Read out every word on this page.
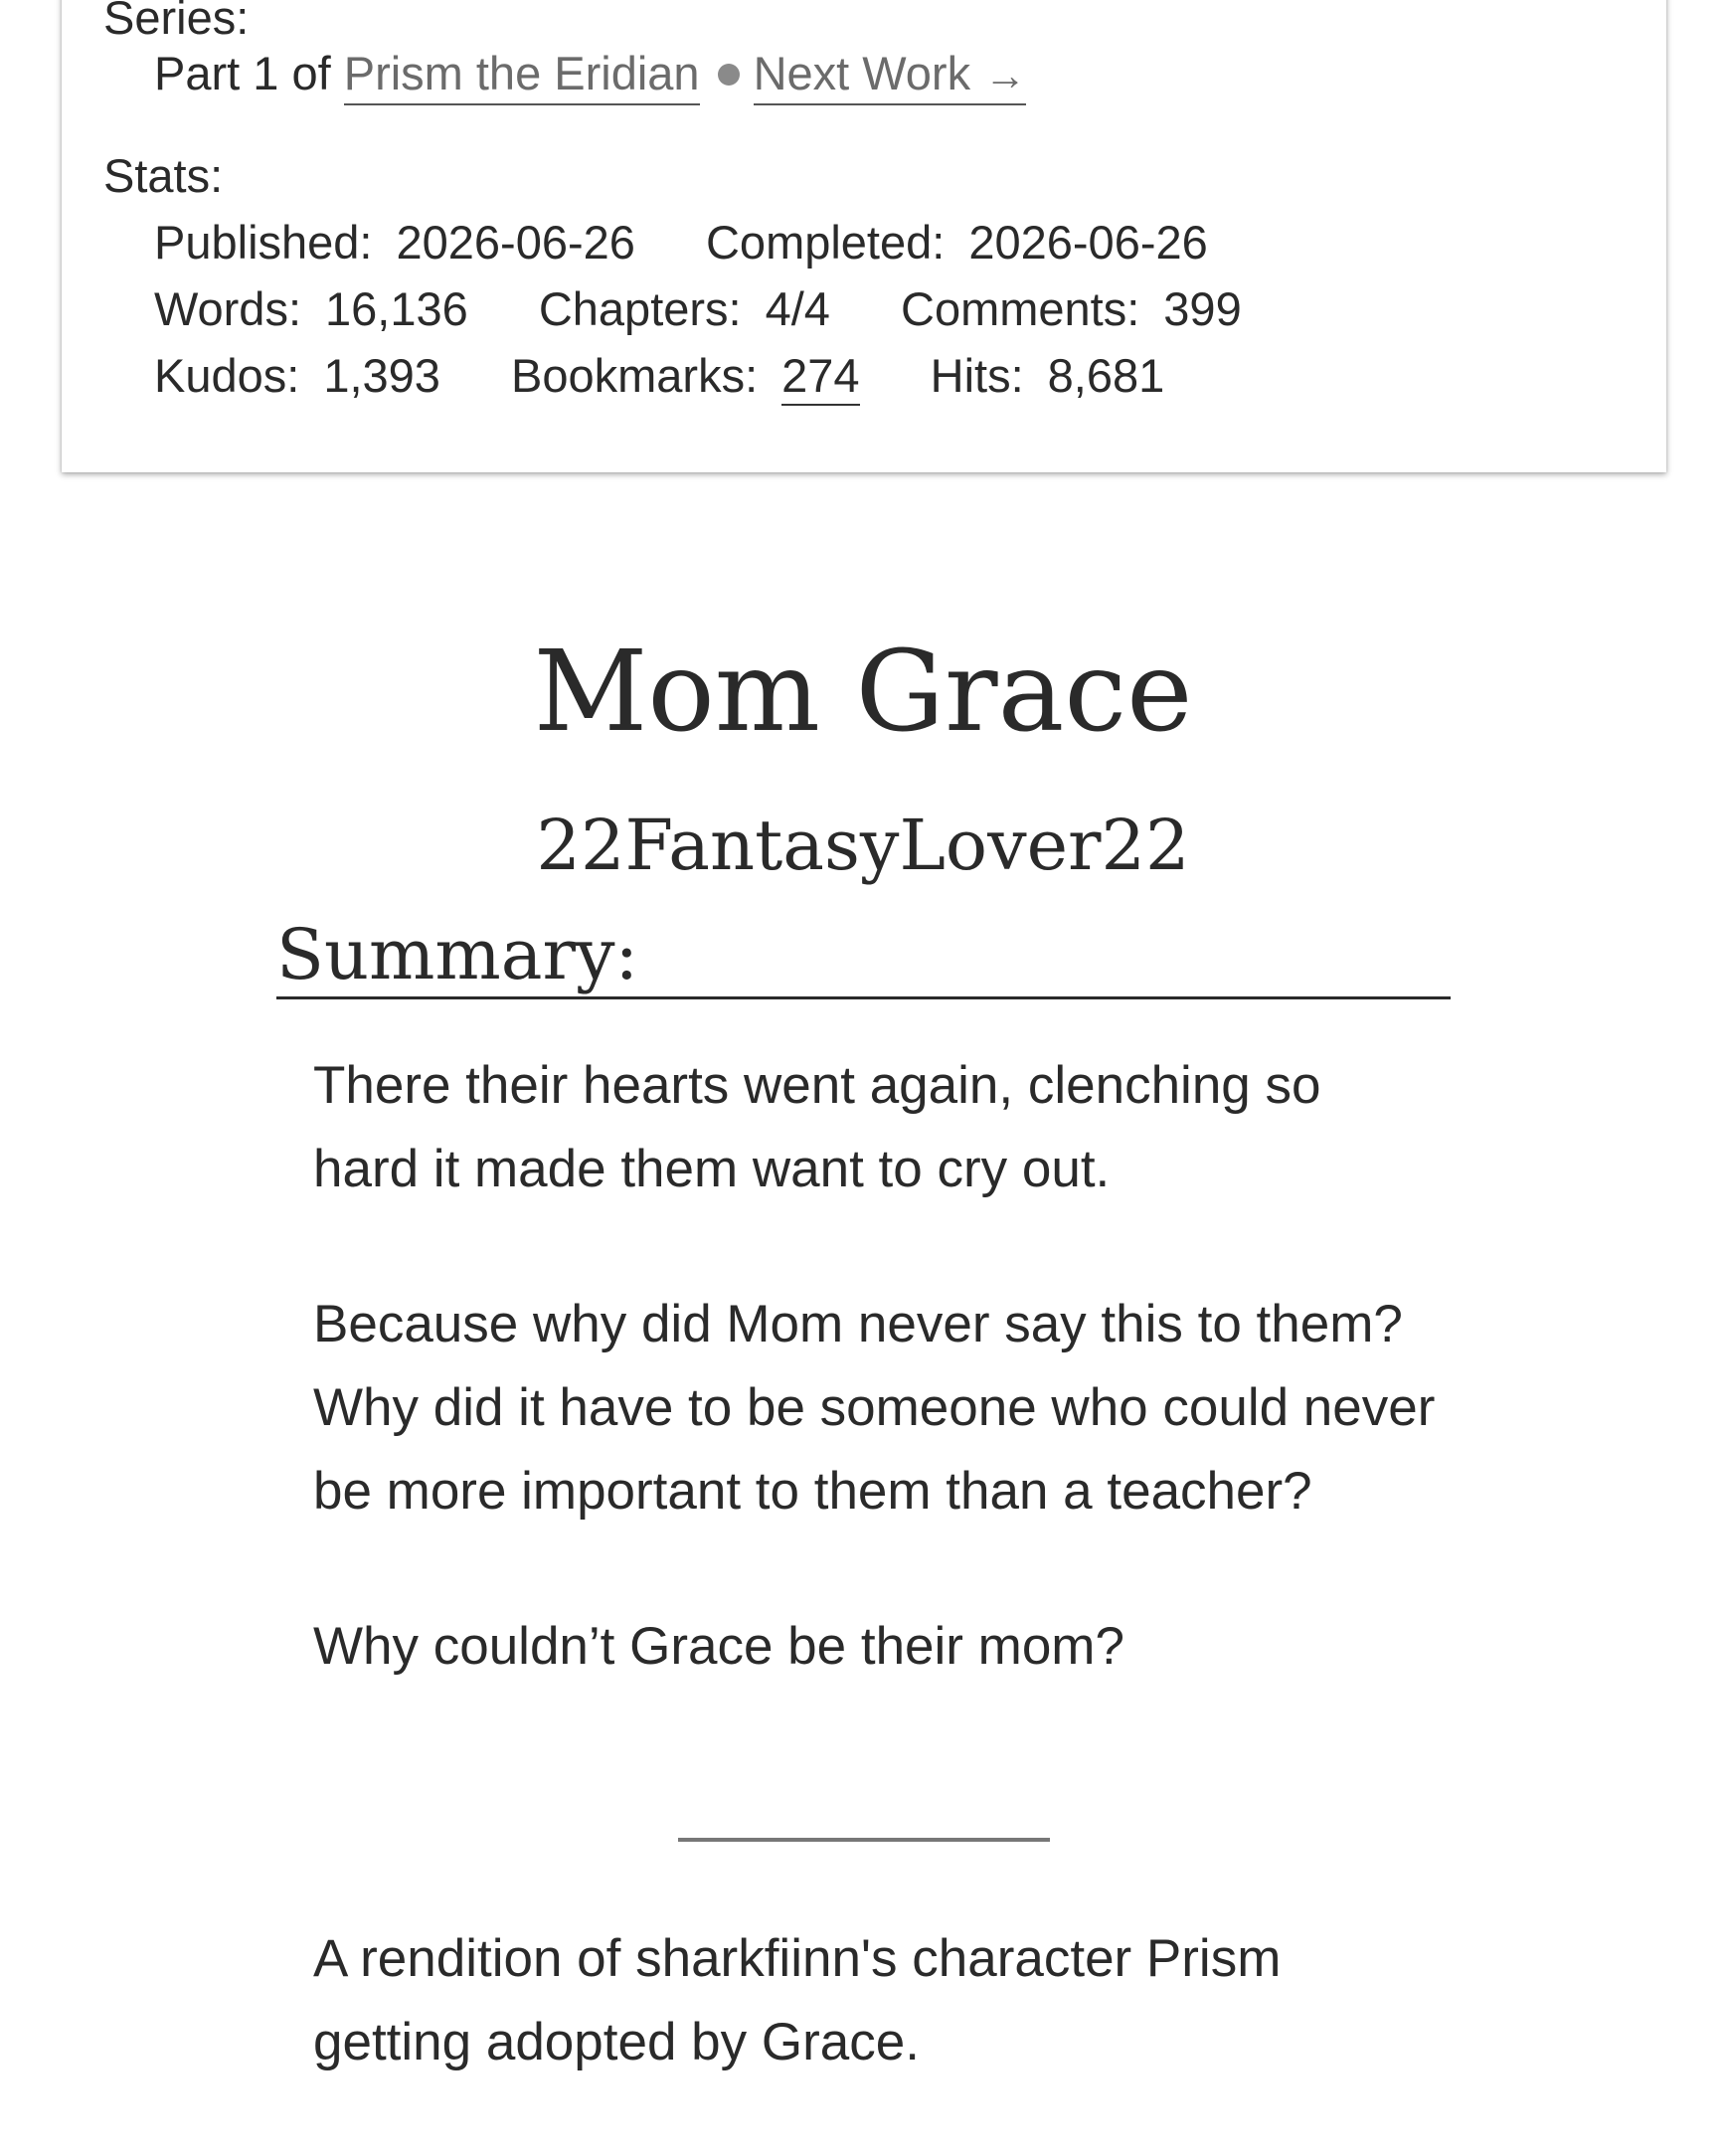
Series:
Part 1 of Prism the Eridian Next Work →
Stats:
Published: 2026-06-26 Completed: 2026-06-26 Words: 16,136 Chapters: 4/4 Comments: 399 Kudos: 1,393 Bookmarks: 274 Hits: 8,681
Mom Grace
22FantasyLover22
Summary:

There their hearts went again, clenching so hard it made them want to cry out.

Because why did Mom never say this to them? Why did it have to be someone who could never be more important to them than a teacher?

Why couldn’t Grace be their mom?

A rendition of sharkfiinn's character Prism getting adopted by Grace.
